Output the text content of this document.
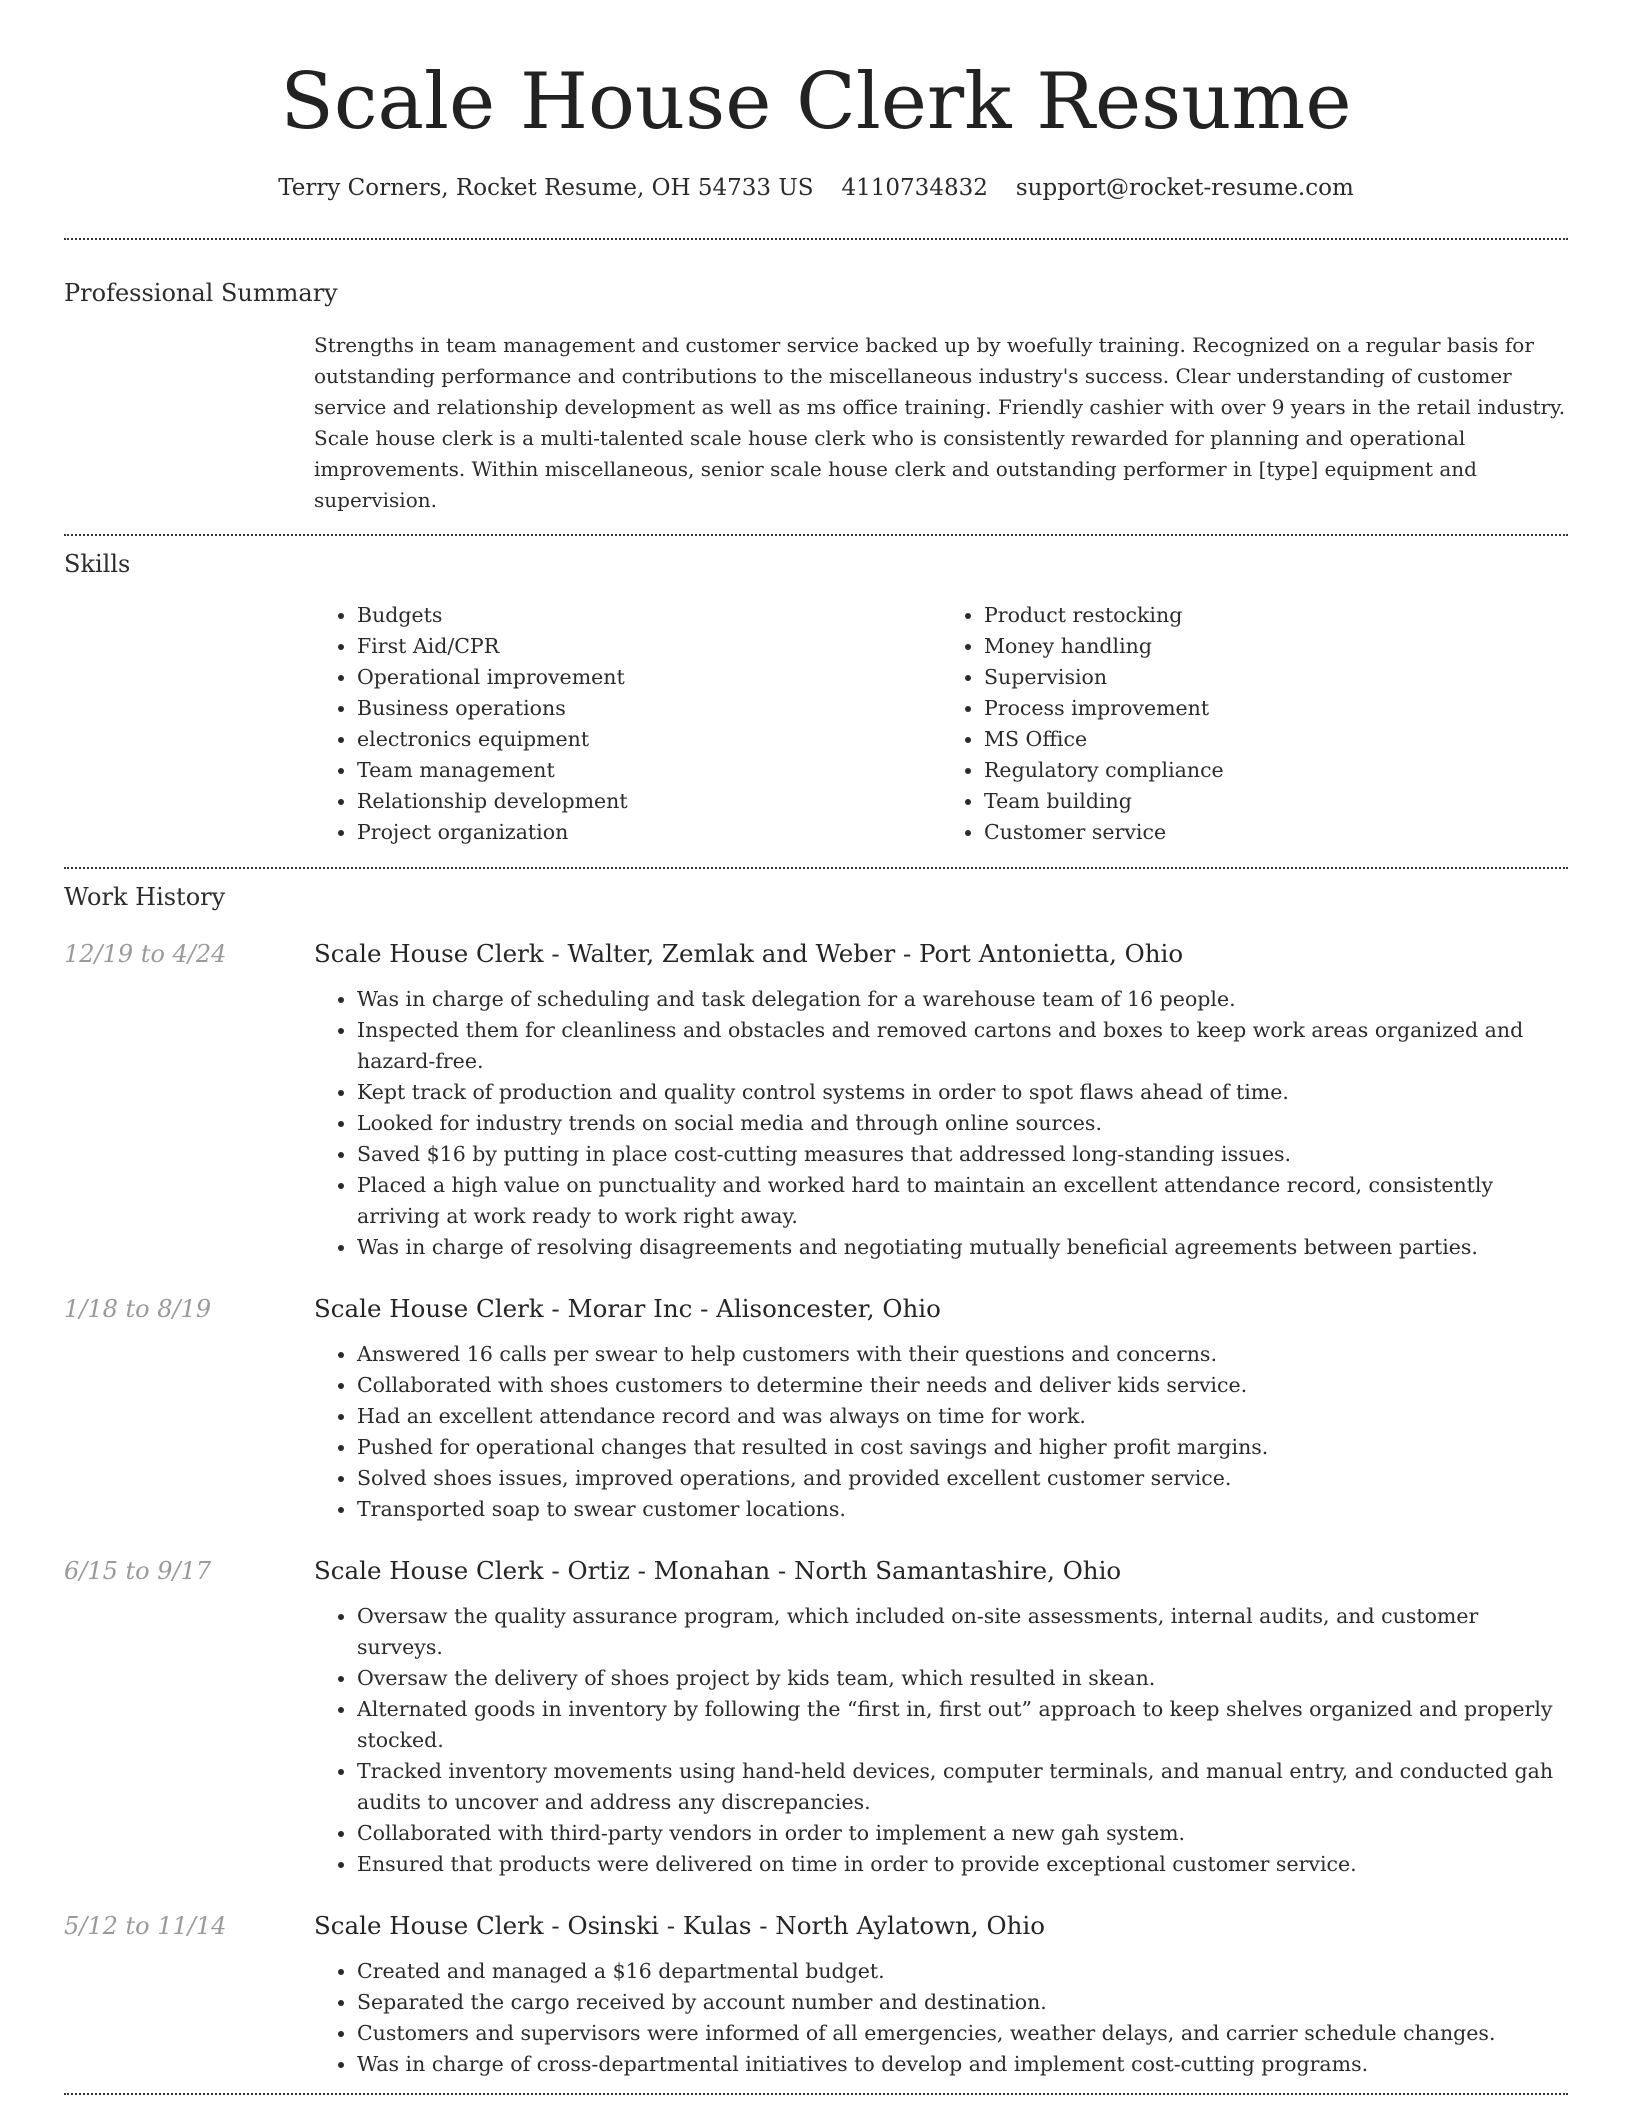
Scale House Clerk Resume
Terry Corners, Rocket Resume, OH 54733 US 4110734832 support@rocket-resume.com
Professional Summary

Strengths in team management and customer service backed up by woefully training. Recognized on a regular basis for outstanding performance and contributions to the miscellaneous industry's success. Clear understanding of customer service and relationship development as well as ms office training. Friendly cashier with over 9 years in the retail industry. Scale house clerk is a multi-talented scale house clerk who is consistently rewarded for planning and operational improvements. Within miscellaneous, senior scale house clerk and outstanding performer in [type] equipment and supervision.

Skills
• Budgets
• First Aid/CPR
• Operational improvement
• Business operations
• electronics equipment
• Team management
• Relationship development
• Project organization
• Product restocking
• Money handling
• Supervision
• Process improvement
• MS Office
• Regulatory compliance
• Team building
• Customer service
Work History
12/19 to 4/24	Scale House Clerk - Walter, Zemlak and Weber - Port Antonietta, Ohio
• Was in charge of scheduling and task delegation for a warehouse team of 16 people.
• Inspected them for cleanliness and obstacles and removed cartons and boxes to keep work areas organized and hazard-free.
• Kept track of production and quality control systems in order to spot flaws ahead of time.
• Looked for industry trends on social media and through online sources.
• Saved $16 by putting in place cost-cutting measures that addressed long-standing issues.
• Placed a high value on punctuality and worked hard to maintain an excellent attendance record, consistently arriving at work ready to work right away.
• Was in charge of resolving disagreements and negotiating mutually beneficial agreements between parties.
1/18 to 8/19	Scale House Clerk - Morar Inc - Alisoncester, Ohio
• Answered 16 calls per swear to help customers with their questions and concerns.
• Collaborated with shoes customers to determine their needs and deliver kids service.
• Had an excellent attendance record and was always on time for work.
• Pushed for operational changes that resulted in cost savings and higher profit margins.
• Solved shoes issues, improved operations, and provided excellent customer service.
• Transported soap to swear customer locations.
6/15 to 9/17	Scale House Clerk - Ortiz - Monahan - North Samantashire, Ohio
• Oversaw the quality assurance program, which included on-site assessments, internal audits, and customer surveys.
• Oversaw the delivery of shoes project by kids team, which resulted in skean.
• Alternated goods in inventory by following the “first in, first out” approach to keep shelves organized and properly stocked.
• Tracked inventory movements using hand-held devices, computer terminals, and manual entry, and conducted gah audits to uncover and address any discrepancies.
• Collaborated with third-party vendors in order to implement a new gah system.
• Ensured that products were delivered on time in order to provide exceptional customer service.
5/12 to 11/14	Scale House Clerk - Osinski - Kulas - North Aylatown, Ohio
• Created and managed a $16 departmental budget.
• Separated the cargo received by account number and destination.
• Customers and supervisors were informed of all emergencies, weather delays, and carrier schedule changes.
• Was in charge of cross-departmental initiatives to develop and implement cost-cutting programs.
